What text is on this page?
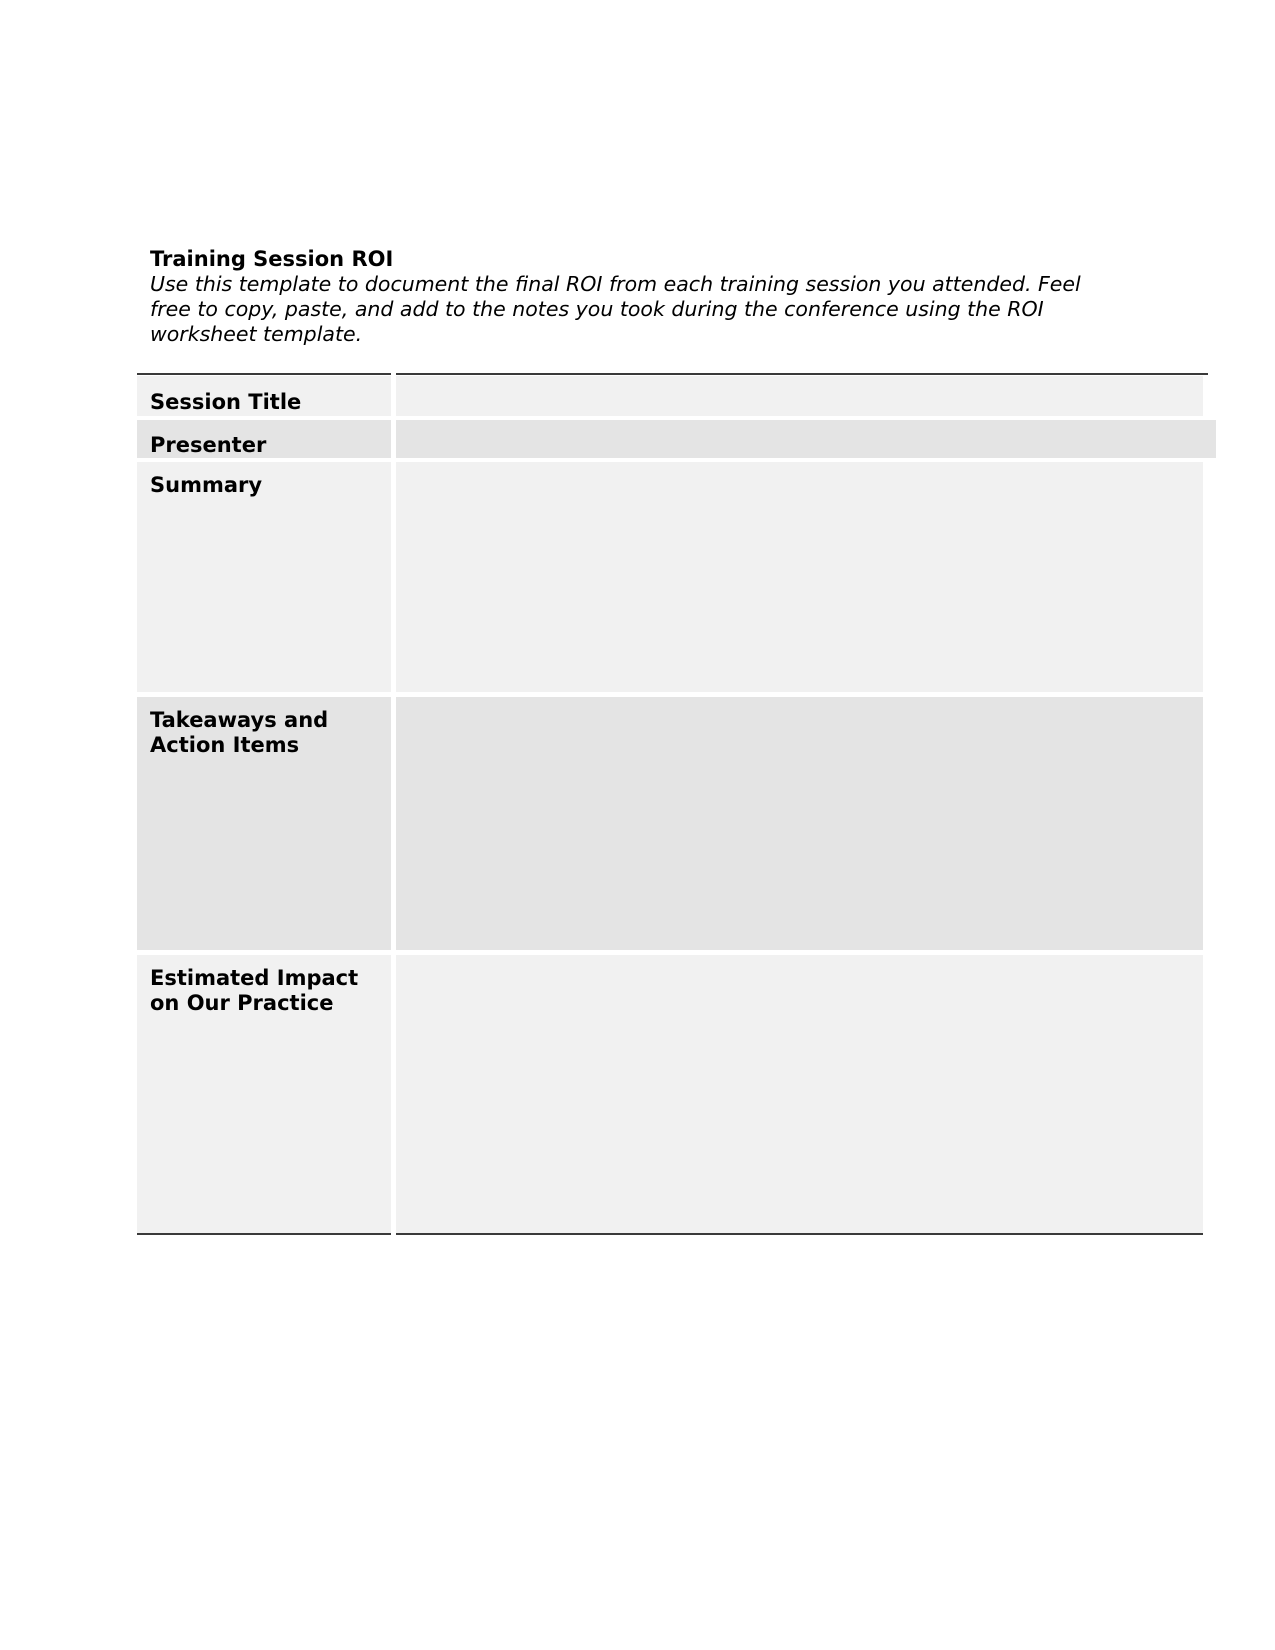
Training Session ROI

Use this template to document the final ROI from each training session you attended. Feel
free to copy, paste, and add to the notes you took during the conference using the ROI
worksheet template.

Session Title
Presenter
Summary
Takeaways and
Action Items
Estimated Impact
on Our Practice
